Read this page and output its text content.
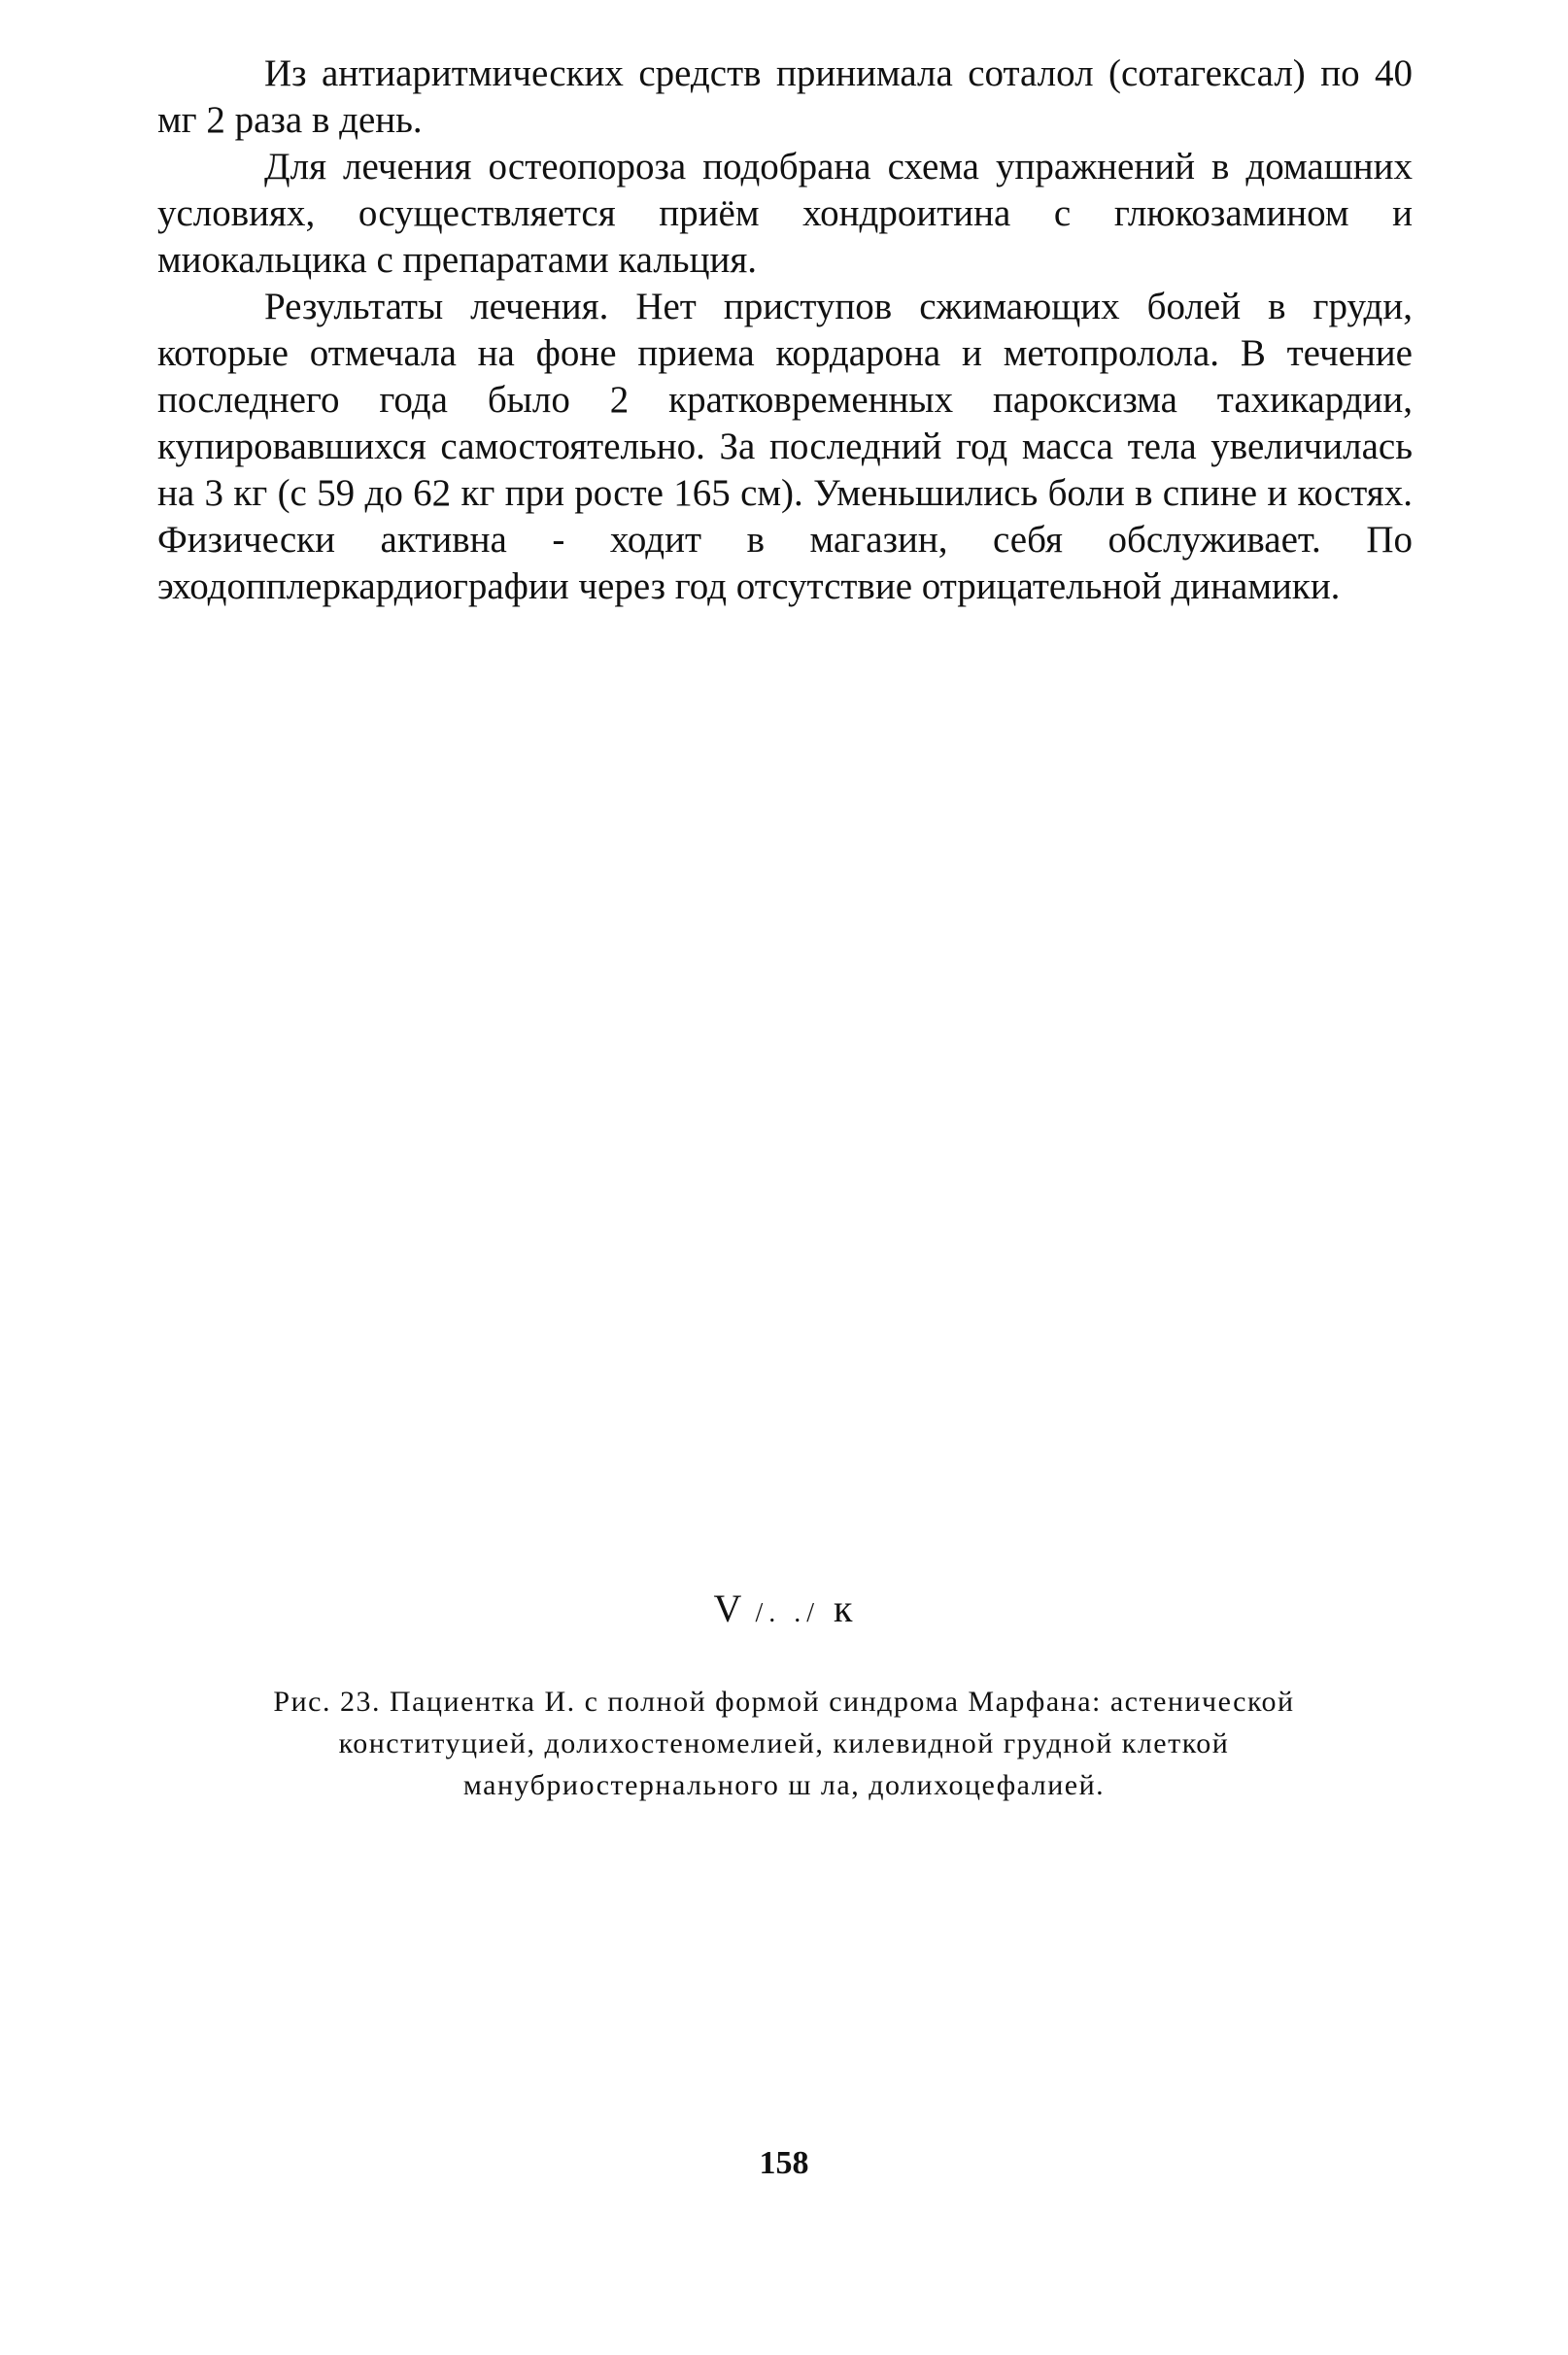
Из антиаритмических средств принимала соталол (сотагексал) по 40 мг 2 раза в день.

Для лечения остеопороза подобрана схема упражнений в домашних условиях, осуществляется приём хондроитина с глюкозамином и миокальцика с препаратами кальция.

Результаты лечения. Нет приступов сжимающих болей в груди, которые отмечала на фоне приема кордарона и метопролола. В течение последнего года было 2 кратковременных пароксизма тахикардии, купировавшихся самостоятельно. За последний год масса тела увеличилась на 3 кг (с 59 до 62 кг при росте 165 см). Уменьшились боли в спине и костях. Физически активна - ходит в магазин, себя обслуживает. По эходопплеркардиографии через год отсутствие отрицательной динамики.

V /. ./ к
Рис. 23. Пациентка И. с полной формой синдрома Марфана: астенической
конституцией, долихостеномелией, килевидной грудной клеткой
манубриостернального ш ла, долихоцефалией.
158
